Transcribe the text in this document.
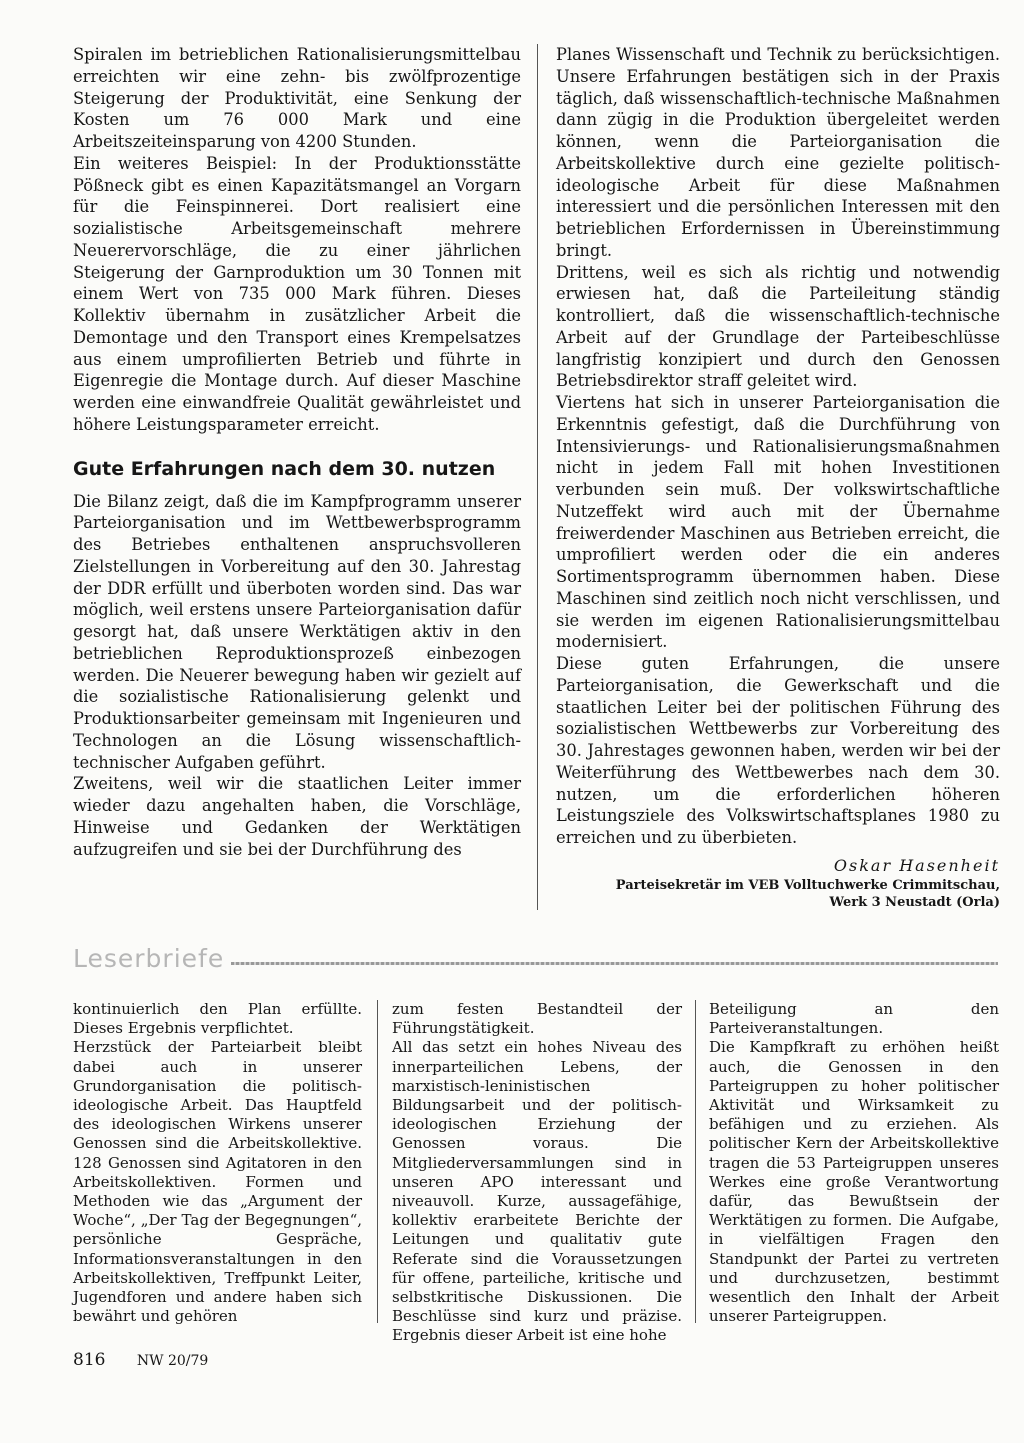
Spiralen im betrieblichen Rationalisierungsmittelbau erreichten wir eine zehn- bis zwölfprozentige Steigerung der Produktivität, eine Senkung der Kosten um 76 000 Mark und eine Arbeitszeiteinsparung von 4200 Stunden.

Ein weiteres Beispiel: In der Produktionsstätte Pößneck gibt es einen Kapazitätsmangel an Vorgarn für die Feinspinnerei. Dort realisiert eine sozialistische Arbeitsgemeinschaft mehrere Neuerervorschläge, die zu einer jährlichen Steigerung der Garnproduktion um 30 Tonnen mit einem Wert von 735 000 Mark führen. Dieses Kollektiv übernahm in zusätzlicher Arbeit die Demontage und den Transport eines Krempelsatzes aus einem umprofilierten Betrieb und führte in Eigenregie die Montage durch. Auf dieser Maschine werden eine einwandfreie Qualität gewährleistet und höhere Leistungsparameter erreicht.

Gute Erfahrungen nach dem 30. nutzen

Die Bilanz zeigt, daß die im Kampfprogramm unserer Parteiorganisation und im Wettbewerbsprogramm des Betriebes enthaltenen anspruchsvolleren Zielstellungen in Vorbereitung auf den 30. Jahrestag der DDR erfüllt und überboten worden sind. Das war möglich, weil erstens unsere Parteiorganisation dafür gesorgt hat, daß unsere Werktätigen aktiv in den betrieblichen Reproduktionsprozeß einbezogen werden. Die Neuerer bewegung haben wir gezielt auf die sozialistische Rationalisierung gelenkt und Produktionsarbeiter gemeinsam mit Ingenieuren und Technologen an die Lösung wissenschaftlich-technischer Aufgaben geführt.

Zweitens, weil wir die staatlichen Leiter immer wieder dazu angehalten haben, die Vorschläge, Hinweise und Gedanken der Werktätigen aufzugreifen und sie bei der Durchführung des

Planes Wissenschaft und Technik zu berücksichtigen. Unsere Erfahrungen bestätigen sich in der Praxis täglich, daß wissenschaftlich-technische Maßnahmen dann zügig in die Produktion übergeleitet werden können, wenn die Parteiorganisation die Arbeitskollektive durch eine gezielte politisch-ideologische Arbeit für diese Maßnahmen interessiert und die persönlichen Interessen mit den betrieblichen Erfordernissen in Übereinstimmung bringt.

Drittens, weil es sich als richtig und notwendig erwiesen hat, daß die Parteileitung ständig kontrolliert, daß die wissenschaftlich-technische Arbeit auf der Grundlage der Parteibeschlüsse langfristig konzipiert und durch den Genossen Betriebsdirektor straff geleitet wird.

Viertens hat sich in unserer Parteiorganisation die Erkenntnis gefestigt, daß die Durchführung von Intensivierungs- und Rationalisierungsmaßnahmen nicht in jedem Fall mit hohen Investitionen verbunden sein muß. Der volkswirtschaftliche Nutzeffekt wird auch mit der Übernahme freiwerdender Maschinen aus Betrieben erreicht, die umprofiliert werden oder die ein anderes Sortimentsprogramm übernommen haben. Diese Maschinen sind zeitlich noch nicht verschlissen, und sie werden im eigenen Rationalisierungsmittelbau modernisiert.

Diese guten Erfahrungen, die unsere Parteiorganisation, die Gewerkschaft und die staatlichen Leiter bei der politischen Führung des sozialistischen Wettbewerbs zur Vorbereitung des 30. Jahrestages gewonnen haben, werden wir bei der Weiterführung des Wettbewerbes nach dem 30. nutzen, um die erforderlichen höheren Leistungsziele des Volkswirtschaftsplanes 1980 zu erreichen und zu überbieten.

Oskar Hasenheit
Parteisekretär im VEB Volltuchwerke Crimmitschau,
Werk 3 Neustadt (Orla)
Leserbriefe

kontinuierlich den Plan erfüllte. Dieses Ergebnis verpflichtet.

Herzstück der Parteiarbeit bleibt dabei auch in unserer Grundorganisation die politisch-ideologische Arbeit. Das Hauptfeld des ideologischen Wirkens unserer Genossen sind die Arbeitskollektive. 128 Genossen sind Agitatoren in den Arbeitskollektiven. Formen und Methoden wie das „Argument der Woche“, „Der Tag der Begegnungen“, persönliche Gespräche, Informationsveranstaltungen in den Arbeitskollektiven, Treffpunkt Leiter, Jugendforen und andere haben sich bewährt und gehören

zum festen Bestandteil der Führungstätigkeit.

All das setzt ein hohes Niveau des innerparteilichen Lebens, der marxistisch-leninistischen Bildungsarbeit und der politisch-ideologischen Erziehung der Genossen voraus. Die Mitgliederversammlungen sind in unseren APO interessant und niveauvoll. Kurze, aussagefähige, kollektiv erarbeitete Berichte der Leitungen und qualitativ gute Referate sind die Voraussetzungen für offene, parteiliche, kritische und selbstkritische Diskussionen. Die Beschlüsse sind kurz und präzise. Ergebnis dieser Arbeit ist eine hohe

Beteiligung an den Parteiveranstaltungen.

Die Kampfkraft zu erhöhen heißt auch, die Genossen in den Parteigruppen zu hoher politischer Aktivität und Wirksamkeit zu befähigen und zu erziehen. Als politischer Kern der Arbeitskollektive tragen die 53 Parteigruppen unseres Werkes eine große Verantwortung dafür, das Bewußtsein der Werktätigen zu formen. Die Aufgabe, in vielfältigen Fragen den Standpunkt der Partei zu vertreten und durchzusetzen, bestimmt wesentlich den Inhalt der Arbeit unserer Parteigruppen.

816 NW 20/79
